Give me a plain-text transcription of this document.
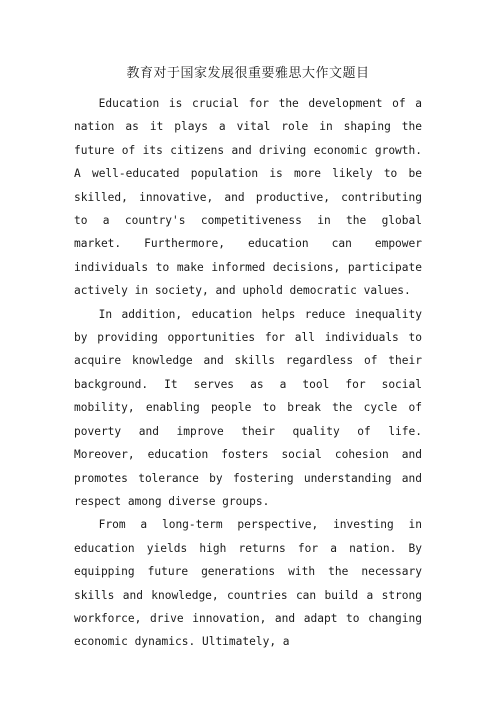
教育对于国家发展很重要雅思大作文题目

Education is crucial for the development of a nation as it plays a vital role in shaping the future of its citizens and driving economic growth. A well-educated population is more likely to be skilled, innovative, and productive, contributing to a country's competitiveness in the global market. Furthermore, education can empower individuals to make informed decisions, participate actively in society, and uphold democratic values.

In addition, education helps reduce inequality by providing opportunities for all individuals to acquire knowledge and skills regardless of their background. It serves as a tool for social mobility, enabling people to break the cycle of poverty and improve their quality of life. Moreover, education fosters social cohesion and promotes tolerance by fostering understanding and respect among diverse groups.

From a long-term perspective, investing in education yields high returns for a nation. By equipping future generations with the necessary skills and knowledge, countries can build a strong workforce, drive innovation, and adapt to changing economic dynamics. Ultimately, a
